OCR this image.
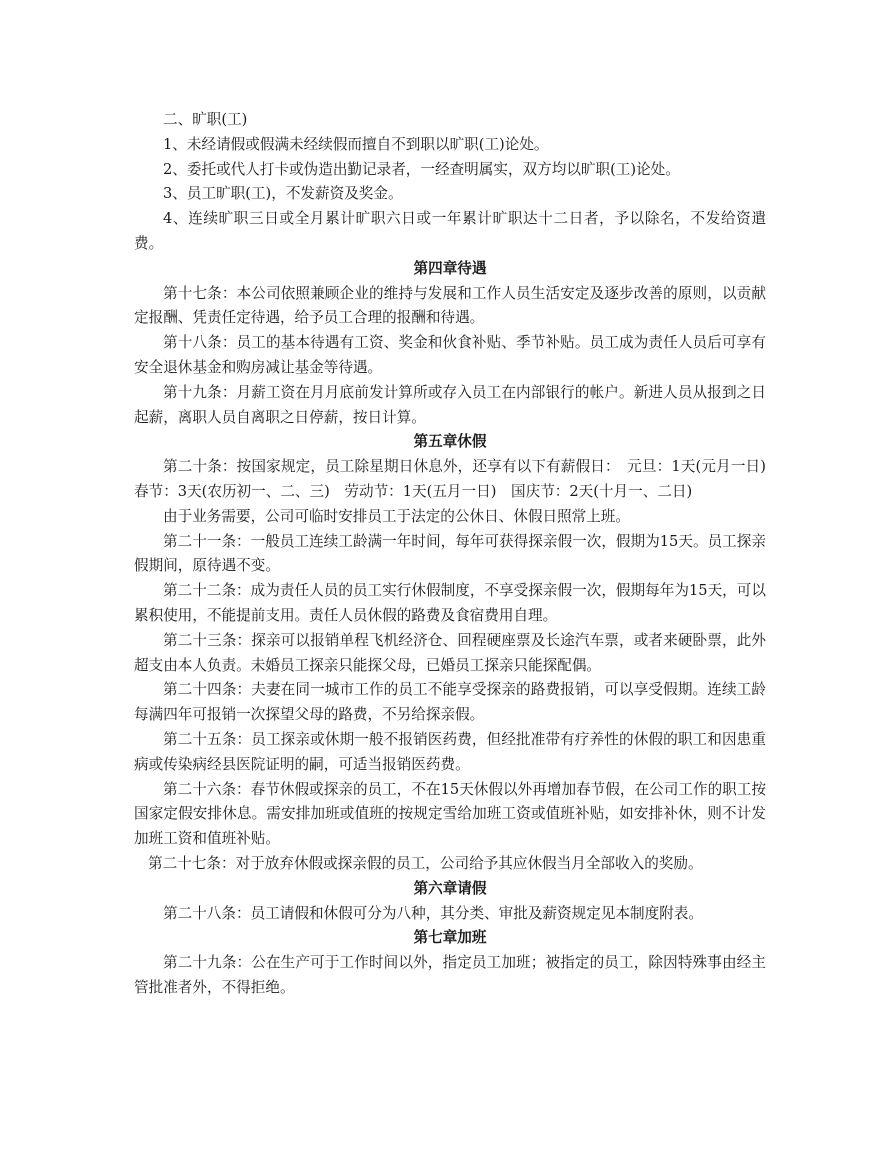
二、旷职(工)

1、未经请假或假满未经续假而擅自不到职以旷职(工)论处。

2、委托或代人打卡或伪造出勤记录者，一经查明属实，双方均以旷职(工)论处。

3、员工旷职(工)，不发薪资及奖金。

4、连续旷职三日或全月累计旷职六日或一年累计旷职达十二日者，予以除名，不发给资遣费。

第四章待遇

第十七条：本公司依照兼顾企业的维持与发展和工作人员生活安定及逐步改善的原则，以贡献定报酬、凭责任定待遇，给予员工合理的报酬和待遇。

第十八条：员工的基本待遇有工资、奖金和伙食补贴、季节补贴。员工成为责任人员后可享有安全退休基金和购房减让基金等待遇。

第十九条：月薪工资在月月底前发计算所或存入员工在内部银行的帐户。新进人员从报到之日起薪，离职人员自离职之日停薪，按日计算。

第五章休假

第二十条：按国家规定，员工除星期日休息外，还享有以下有薪假日：　元旦：1天(元月一日)　春节：3天(农历初一、二、三)　劳动节：1天(五月一日)　国庆节：2天(十月一、二日)

由于业务需要，公司可临时安排员工于法定的公休日、休假日照常上班。

第二十一条：一般员工连续工龄满一年时间，每年可获得探亲假一次，假期为15天。员工探亲假期间，原待遇不变。

第二十二条：成为责任人员的员工实行休假制度，不享受探亲假一次，假期每年为15天，可以累积使用，不能提前支用。责任人员休假的路费及食宿费用自理。

第二十三条：探亲可以报销单程飞机经济仓、回程硬座票及长途汽车票，或者来硬卧票，此外超支由本人负责。未婚员工探亲只能探父母，已婚员工探亲只能探配偶。

第二十四条：夫妻在同一城市工作的员工不能享受探亲的路费报销，可以享受假期。连续工龄每满四年可报销一次探望父母的路费，不另给探亲假。

第二十五条：员工探亲或休期一般不报销医药费，但经批准带有疗养性的休假的职工和因患重病或传染病经县医院证明的嗣，可适当报销医药费。

第二十六条：春节休假或探亲的员工，不在15天休假以外再增加春节假，在公司工作的职工按国家定假安排休息。需安排加班或值班的按规定雪给加班工资或值班补贴，如安排补休，则不计发加班工资和值班补贴。

第二十七条：对于放弃休假或探亲假的员工，公司给予其应休假当月全部收入的奖励。

第六章请假

第二十八条：员工请假和休假可分为八种，其分类、审批及薪资规定见本制度附表。

第七章加班

第二十九条：公在生产可于工作时间以外，指定员工加班；被指定的员工，除因特殊事由经主管批准者外，不得拒绝。
